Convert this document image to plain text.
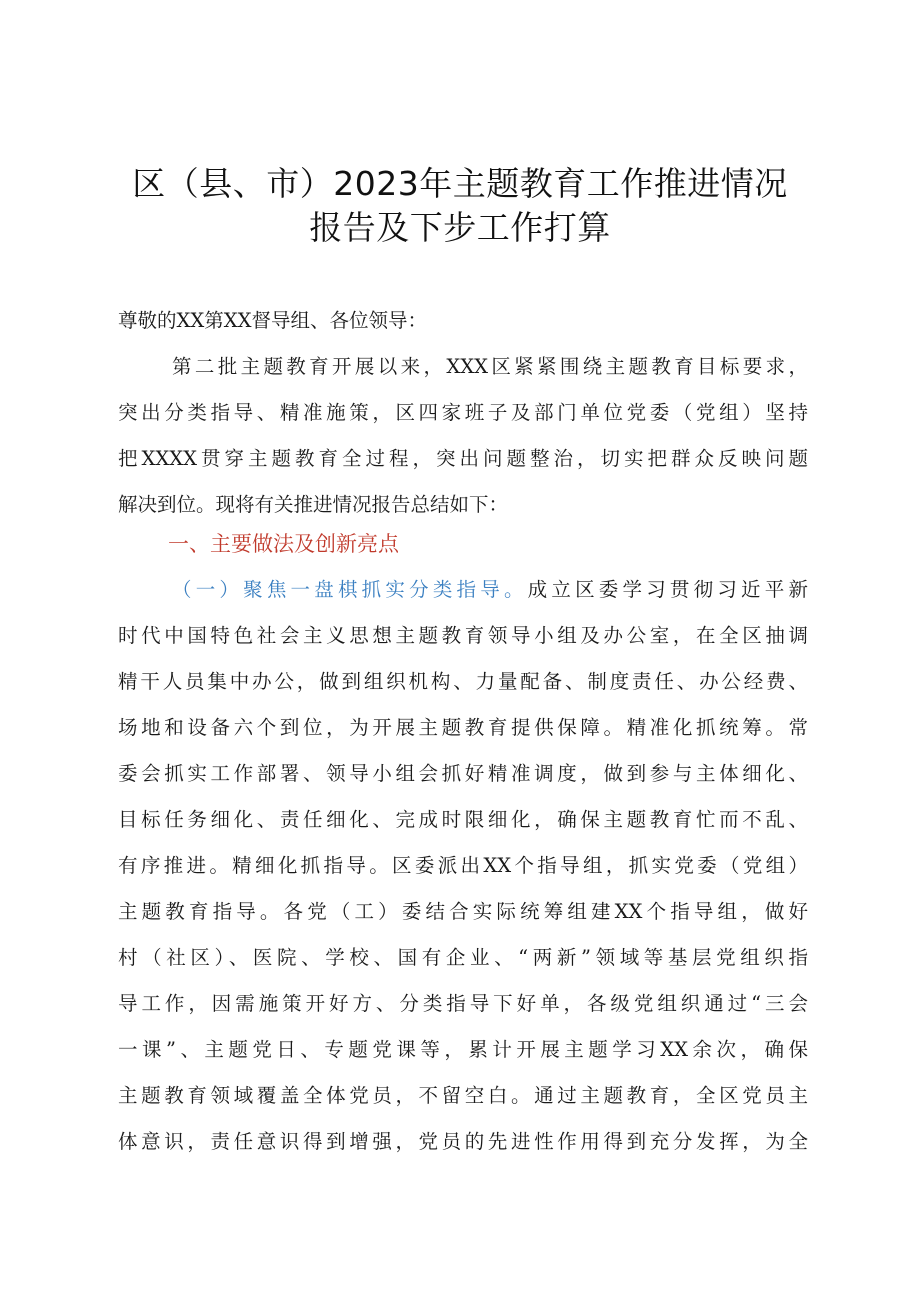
区（县、市）2023年主题教育工作推进情况
报告及下步工作打算
尊敬的XX第XX督导组、各位领导：
第二批主题教育开展以来，XXX区紧紧围绕主题教育目标要求，
突出分类指导、精准施策，区四家班子及部门单位党委（党组）坚持
把XXXX贯穿主题教育全过程，突出问题整治，切实把群众反映问题
解决到位。现将有关推进情况报告总结如下：
一、主要做法及创新亮点
（一）聚焦一盘棋抓实分类指导。成立区委学习贯彻习近平新
时代中国特色社会主义思想主题教育领导小组及办公室，在全区抽调
精干人员集中办公，做到组织机构、力量配备、制度责任、办公经费、
场地和设备六个到位，为开展主题教育提供保障。精准化抓统筹。常
委会抓实工作部署、领导小组会抓好精准调度，做到参与主体细化、
目标任务细化、责任细化、完成时限细化，确保主题教育忙而不乱、
有序推进。精细化抓指导。区委派出XX个指导组，抓实党委（党组）
主题教育指导。各党（工）委结合实际统筹组建XX个指导组，做好
村（社区）、医院、学校、国有企业、“两新”领域等基层党组织指
导工作，因需施策开好方、分类指导下好单，各级党组织通过“三会
一课”、主题党日、专题党课等，累计开展主题学习XX余次，确保
主题教育领域覆盖全体党员，不留空白。通过主题教育，全区党员主
体意识，责任意识得到增强，党员的先进性作用得到充分发挥，为全
